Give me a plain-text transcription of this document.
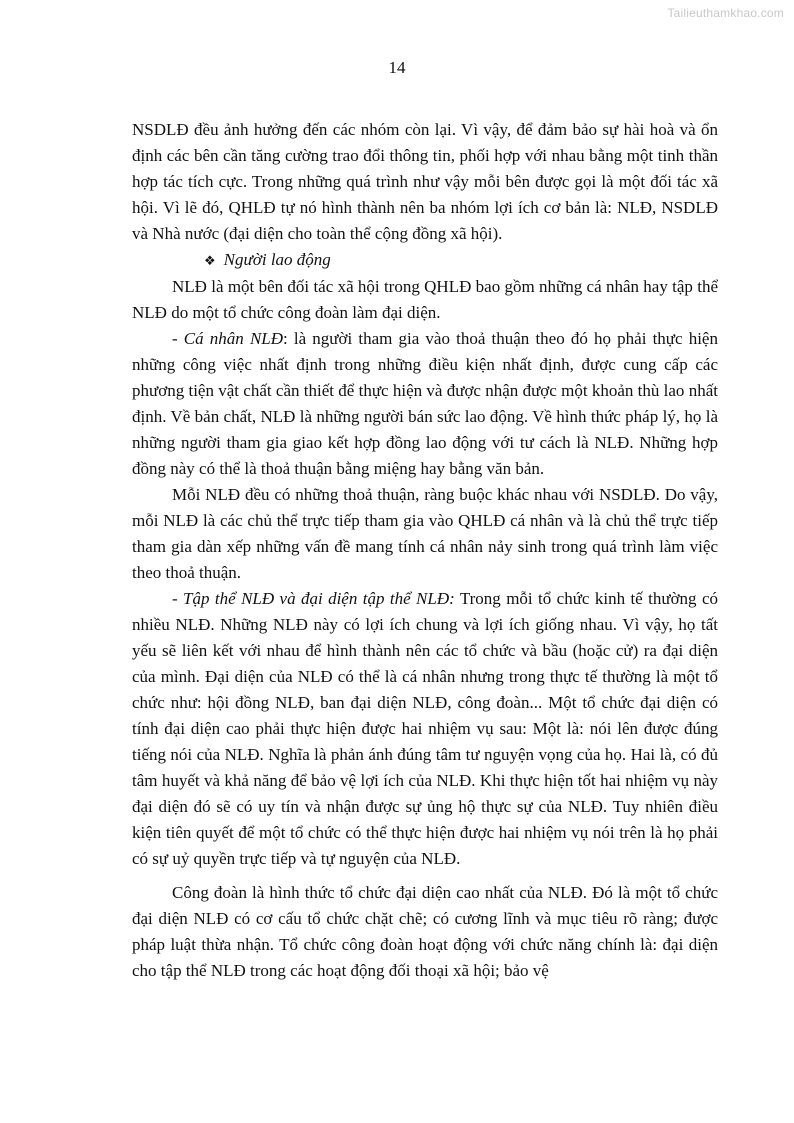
Tailieuthamkhao.com
14

NSDLĐ đều ảnh hưởng đến các nhóm còn lại. Vì vậy, để đảm bảo sự hài hoà và ổn định các bên cần tăng cường trao đổi thông tin, phối hợp với nhau bằng một tinh thần hợp tác tích cực. Trong những quá trình như vậy mỗi bên được gọi là một đối tác xã hội. Vì lẽ đó, QHLĐ tự nó hình thành nên ba nhóm lợi ích cơ bản là: NLĐ, NSDLĐ và Nhà nước (đại diện cho toàn thể cộng đồng xã hội).

❖ Người lao động

NLĐ là một bên đối tác xã hội trong QHLĐ bao gồm những cá nhân hay tập thể NLĐ do một tổ chức công đoàn làm đại diện.

- Cá nhân NLĐ: là người tham gia vào thoả thuận theo đó họ phải thực hiện những công việc nhất định trong những điều kiện nhất định, được cung cấp các phương tiện vật chất cần thiết để thực hiện và được nhận được một khoản thù lao nhất định. Về bản chất, NLĐ là những người bán sức lao động. Về hình thức pháp lý, họ là những người tham gia giao kết hợp đồng lao động với tư cách là NLĐ. Những hợp đồng này có thể là thoả thuận bằng miệng hay bằng văn bản.

Mỗi NLĐ đều có những thoả thuận, ràng buộc khác nhau với NSDLĐ. Do vậy, mỗi NLĐ là các chủ thể trực tiếp tham gia vào QHLĐ cá nhân và là chủ thể trực tiếp tham gia dàn xếp những vấn đề mang tính cá nhân nảy sinh trong quá trình làm việc theo thoả thuận.

- Tập thể NLĐ và đại diện tập thể NLĐ: Trong mỗi tổ chức kinh tế thường có nhiều NLĐ. Những NLĐ này có lợi ích chung và lợi ích giống nhau. Vì vậy, họ tất yếu sẽ liên kết với nhau để hình thành nên các tổ chức và bầu (hoặc cử) ra đại diện của mình. Đại diện của NLĐ có thể là cá nhân nhưng trong thực tế thường là một tổ chức như: hội đồng NLĐ, ban đại diện NLĐ, công đoàn... Một tổ chức đại diện có tính đại diện cao phải thực hiện được hai nhiệm vụ sau: Một là: nói lên được đúng tiếng nói của NLĐ. Nghĩa là phản ánh đúng tâm tư nguyện vọng của họ. Hai là, có đủ tâm huyết và khả năng để bảo vệ lợi ích của NLĐ. Khi thực hiện tốt hai nhiệm vụ này đại diện đó sẽ có uy tín và nhận được sự ủng hộ thực sự của NLĐ. Tuy nhiên điều kiện tiên quyết để một tổ chức có thể thực hiện được hai nhiệm vụ nói trên là họ phải có sự uỷ quyền trực tiếp và tự nguyện của NLĐ.

Công đoàn là hình thức tổ chức đại diện cao nhất của NLĐ. Đó là một tổ chức đại diện NLĐ có cơ cấu tổ chức chặt chẽ; có cương lĩnh và mục tiêu rõ ràng; được pháp luật thừa nhận. Tổ chức công đoàn hoạt động với chức năng chính là: đại diện cho tập thể NLĐ trong các hoạt động đối thoại xã hội; bảo vệ
